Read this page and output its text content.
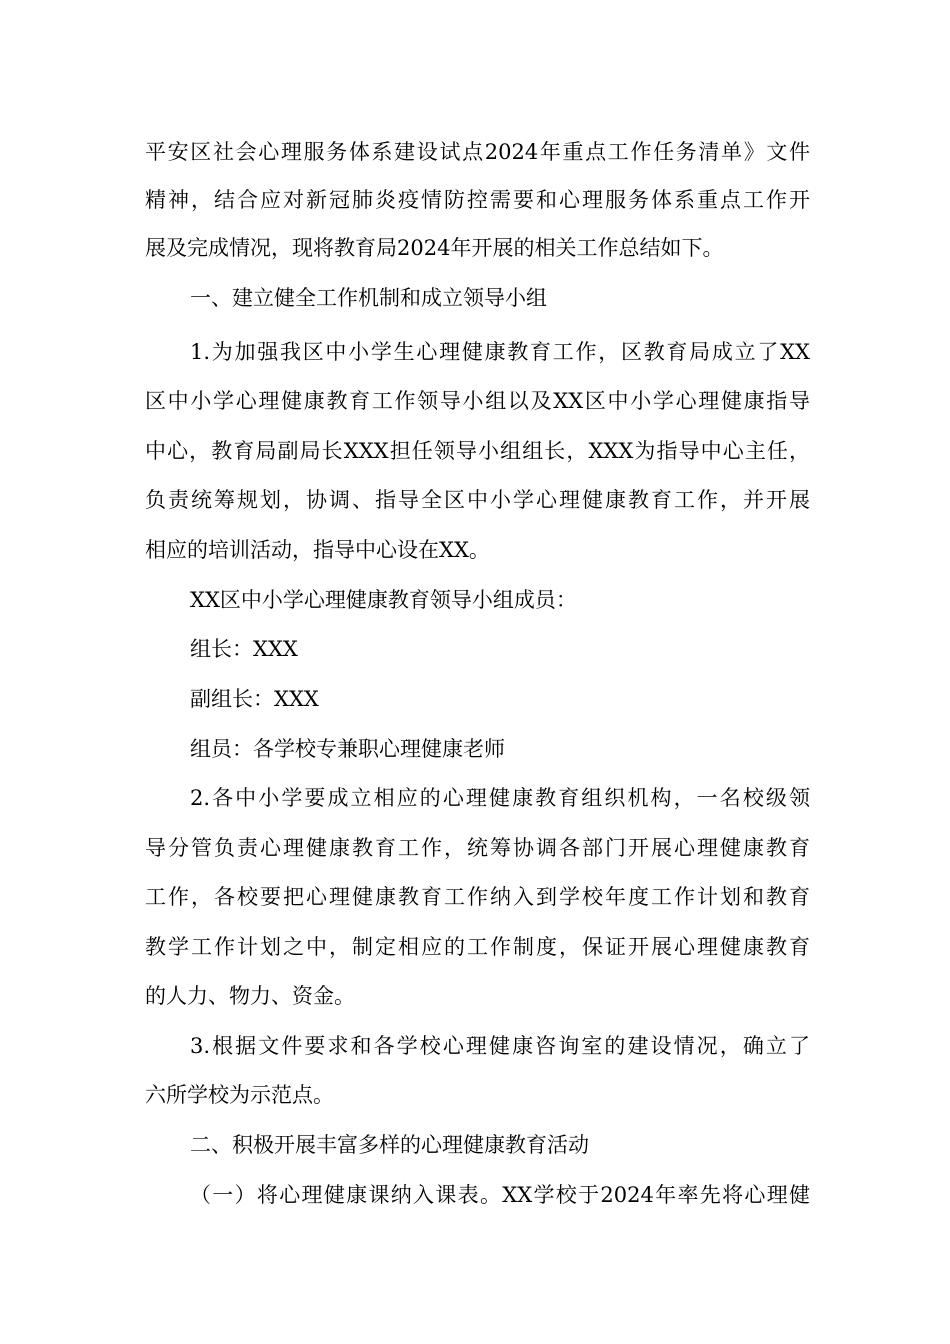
平安区社会心理服务体系建设试点2024年重点工作任务清单》文件
精神，结合应对新冠肺炎疫情防控需要和心理服务体系重点工作开
展及完成情况，现将教育局2024年开展的相关工作总结如下。
一、建立健全工作机制和成立领导小组
1.为加强我区中小学生心理健康教育工作，区教育局成立了XX
区中小学心理健康教育工作领导小组以及XX区中小学心理健康指导
中心，教育局副局长XXX担任领导小组组长，XXX为指导中心主任，
负责统筹规划，协调、指导全区中小学心理健康教育工作，并开展
相应的培训活动，指导中心设在XX。
XX区中小学心理健康教育领导小组成员：
组长：XXX
副组长：XXX
组员：各学校专兼职心理健康老师
2.各中小学要成立相应的心理健康教育组织机构，一名校级领
导分管负责心理健康教育工作，统筹协调各部门开展心理健康教育
工作，各校要把心理健康教育工作纳入到学校年度工作计划和教育
教学工作计划之中，制定相应的工作制度，保证开展心理健康教育
的人力、物力、资金。
3.根据文件要求和各学校心理健康咨询室的建设情况，确立了
六所学校为示范点。
二、积极开展丰富多样的心理健康教育活动
（一）将心理健康课纳入课表。XX学校于2024年率先将心理健
